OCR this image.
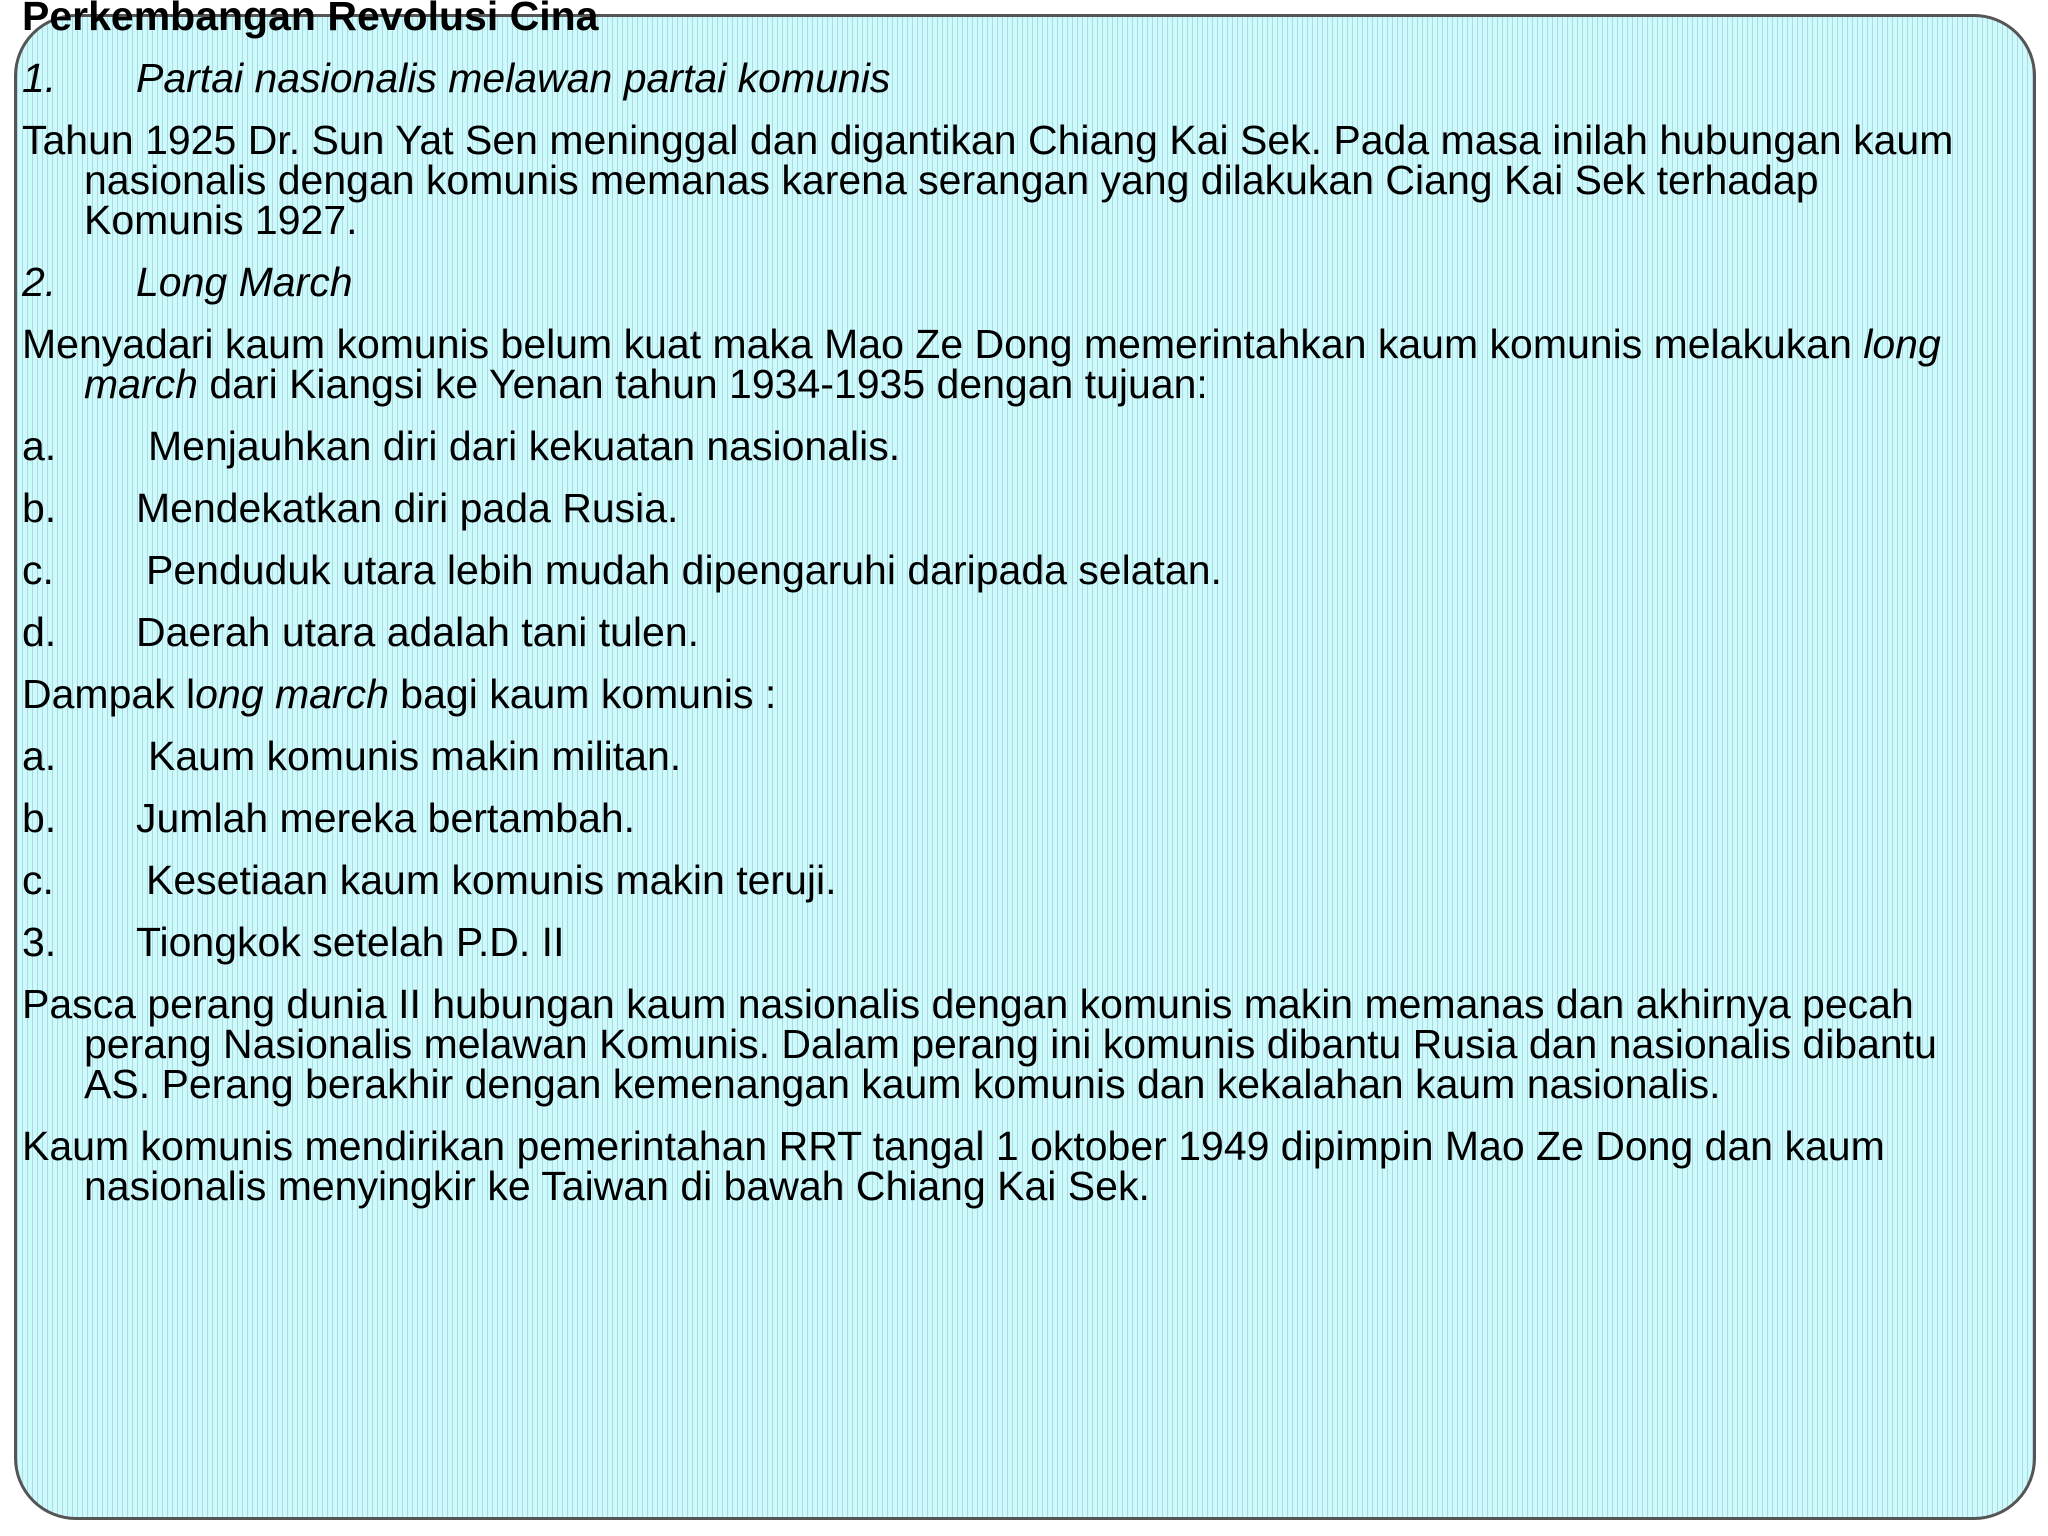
Perkembangan Revolusi Cina
1. Partai nasionalis melawan partai komunis
Tahun 1925 Dr. Sun Yat Sen meninggal dan digantikan Chiang Kai Sek. Pada masa inilah hubungan kaum nasionalis dengan komunis memanas karena serangan yang dilakukan Ciang Kai Sek terhadap Komunis 1927.
2. Long March
Menyadari kaum komunis belum kuat maka Mao Ze Dong memerintahkan kaum komunis melakukan long march dari Kiangsi ke Yenan tahun 1934-1935 dengan tujuan:
a. Menjauhkan diri dari kekuatan nasionalis.
b. Mendekatkan diri pada Rusia.
c. Penduduk utara lebih mudah dipengaruhi daripada selatan.
d. Daerah utara adalah tani tulen.
Dampak long march bagi kaum komunis :
a. Kaum komunis makin militan.
b. Jumlah mereka bertambah.
c. Kesetiaan kaum komunis makin teruji.
3. Tiongkok setelah P.D. II
Pasca perang dunia II hubungan kaum nasionalis dengan komunis makin memanas dan akhirnya pecah perang Nasionalis melawan Komunis. Dalam perang ini komunis dibantu Rusia dan nasionalis dibantu AS. Perang berakhir dengan kemenangan kaum komunis dan kekalahan kaum nasionalis.
Kaum komunis mendirikan pemerintahan RRT tangal 1 oktober 1949 dipimpin Mao Ze Dong dan kaum nasionalis menyingkir ke Taiwan di bawah Chiang Kai Sek.
